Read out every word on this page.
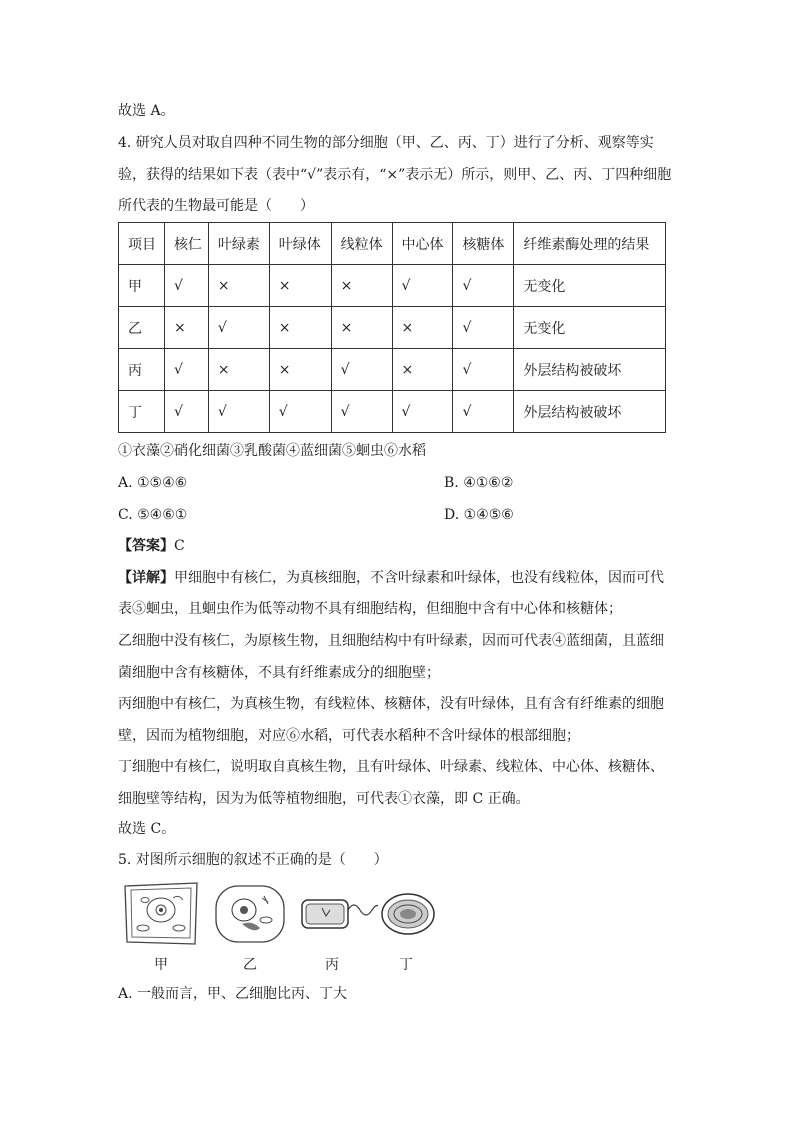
故选 A。
4. 研究人员对取自四种不同生物的部分细胞（甲、乙、丙、丁）进行了分析、观察等实
验，获得的结果如下表（表中“√”表示有，“×”表示无）所示，则甲、乙、丙、丁四种细胞
所代表的生物最可能是（　　）
项目	核仁	叶绿素	叶绿体	线粒体	中心体	核糖体	纤维素酶处理的结果
甲	√	×	×	×	√	√	无变化
乙	×	√	×	×	×	√	无变化
丙	√	×	×	√	×	√	外层结构被破坏
丁	√	√	√	√	√	√	外层结构被破坏
①衣藻②硝化细菌③乳酸菌④蓝细菌⑤蛔虫⑥水稻
A. ①⑤④⑥	B. ④①⑥②
C. ⑤④⑥①	D. ①④⑤⑥
【答案】C
【详解】甲细胞中有核仁，为真核细胞，不含叶绿素和叶绿体，也没有线粒体，因而可代
表⑤蛔虫，且蛔虫作为低等动物不具有细胞结构，但细胞中含有中心体和核糖体；
乙细胞中没有核仁，为原核生物，且细胞结构中有叶绿素，因而可代表④蓝细菌，且蓝细
菌细胞中含有核糖体，不具有纤维素成分的细胞壁；
丙细胞中有核仁，为真核生物，有线粒体、核糖体，没有叶绿体，且有含有纤维素的细胞
壁，因而为植物细胞，对应⑥水稻，可代表水稻种不含叶绿体的根部细胞；
丁细胞中有核仁，说明取自真核生物，且有叶绿体、叶绿素、线粒体、中心体、核糖体、
细胞壁等结构，因为为低等植物细胞，可代表①衣藻，即 C 正确。
故选 C。
5. 对图所示细胞的叙述不正确的是（　　）
甲	乙	丙	丁
A. 一般而言，甲、乙细胞比丙、丁大
